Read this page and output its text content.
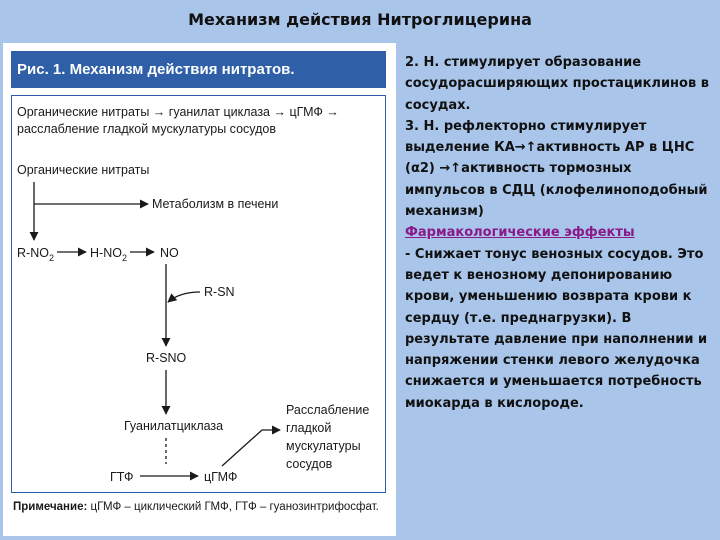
Механизм действия Нитроглицерина
Рис. 1. Механизм действия нитратов.
Органические нитраты → гуанилат циклаза → цГМФ →
расслабление гладкой мускулатуры сосудов
Органические нитраты
Метаболизм в печени
$R-NO_2$	$H-NO_2$	NO
R-SN
R-SNO
Гуанилатциклаза
ГТФ	цГМФ
Расслабление
гладкой
мускулатуры
сосудов
Примечание: цГМФ – циклический ГМФ, ГТФ – гуанозинтрифосфат.

2. Н. стимулирует образование сосудорасширяющих простациклинов в сосудах.

3. Н. рефлекторно стимулирует выделение КА→↑активность АР в ЦНС (α2) →↑активность тормозных импульсов в СДЦ (клофелиноподобный механизм)

Фармакологические эффекты

- Снижает тонус венозных сосудов. Это ведет к венозному депонированию крови, уменьшению возврата крови к сердцу (т.е. преднагрузки). В результате давление при наполнении и напряжении стенки левого желудочка снижается и уменьшается потребность миокарда в кислороде.
